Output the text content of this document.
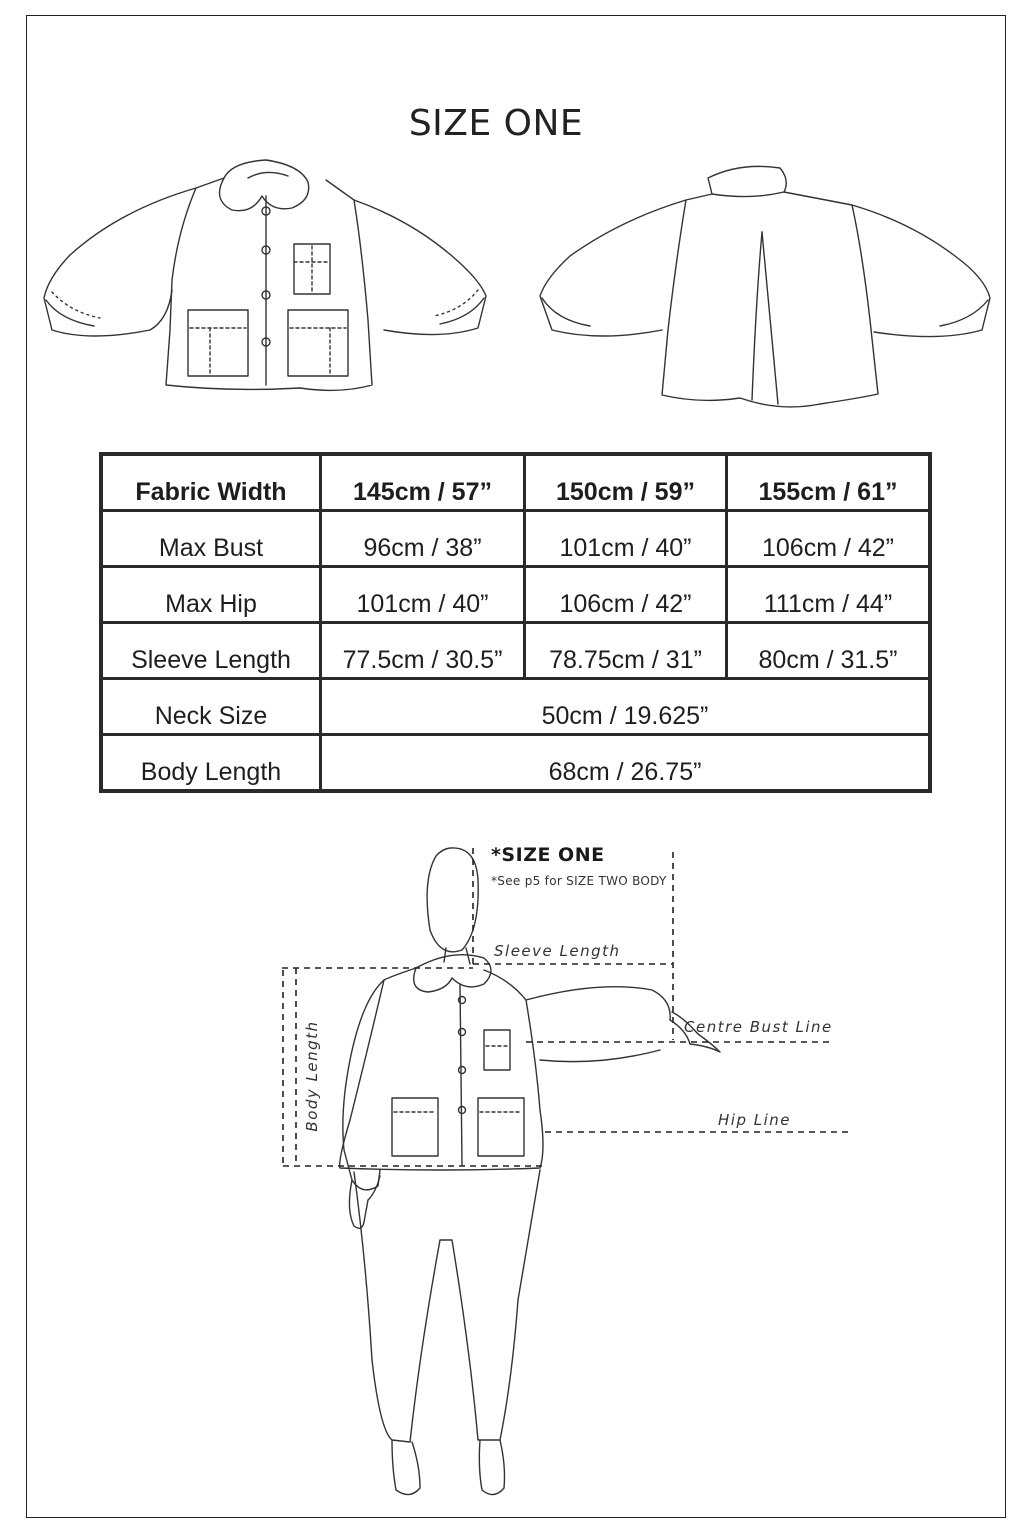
SIZE ONE
Fabric Width	145cm / 57”	150cm / 59”	155cm / 61”
Max Bust	96cm / 38”	101cm / 40”	106cm / 42”
Max Hip	101cm / 40”	106cm / 42”	111cm / 44”
Sleeve Length	77.5cm / 30.5”	78.75cm / 31”	80cm / 31.5”
Neck Size	50cm / 19.625”		
Body Length	68cm / 26.75”		
*SIZE ONE
*See p5 for SIZE TWO BODY
Sleeve Length
Centre Bust Line
Hip Line
Body Length
